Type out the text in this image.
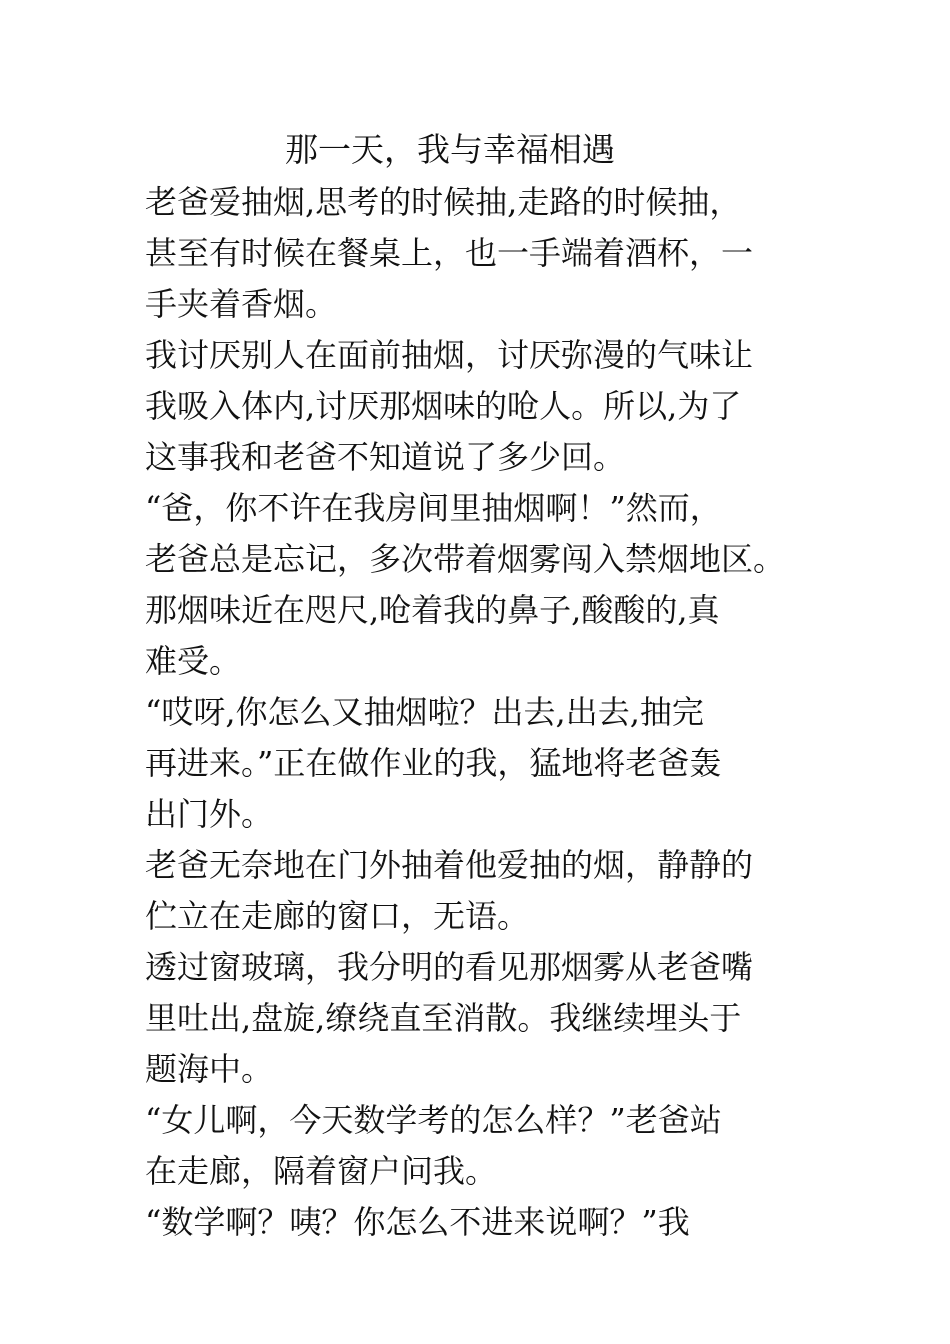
那一天，我与幸福相遇
老爸爱抽烟,思考的时候抽,走路的时候抽，
甚至有时候在餐桌上，也一手端着酒杯，一
手夹着香烟。
我讨厌别人在面前抽烟，讨厌弥漫的气味让
我吸入体内,讨厌那烟味的呛人。所以,为了
这事我和老爸不知道说了多少回。
“爸，你不许在我房间里抽烟啊！”然而，
老爸总是忘记，多次带着烟雾闯入禁烟地区。
那烟味近在咫尺,呛着我的鼻子,酸酸的,真
难受。
“哎呀,你怎么又抽烟啦？出去,出去,抽完
再进来。”正在做作业的我，猛地将老爸轰
出门外。
老爸无奈地在门外抽着他爱抽的烟，静静的
伫立在走廊的窗口，无语。
透过窗玻璃，我分明的看见那烟雾从老爸嘴
里吐出,盘旋,缭绕直至消散。我继续埋头于
题海中。
“女儿啊，今天数学考的怎么样？”老爸站
在走廊，隔着窗户问我。
“数学啊？咦？你怎么不进来说啊？”我
